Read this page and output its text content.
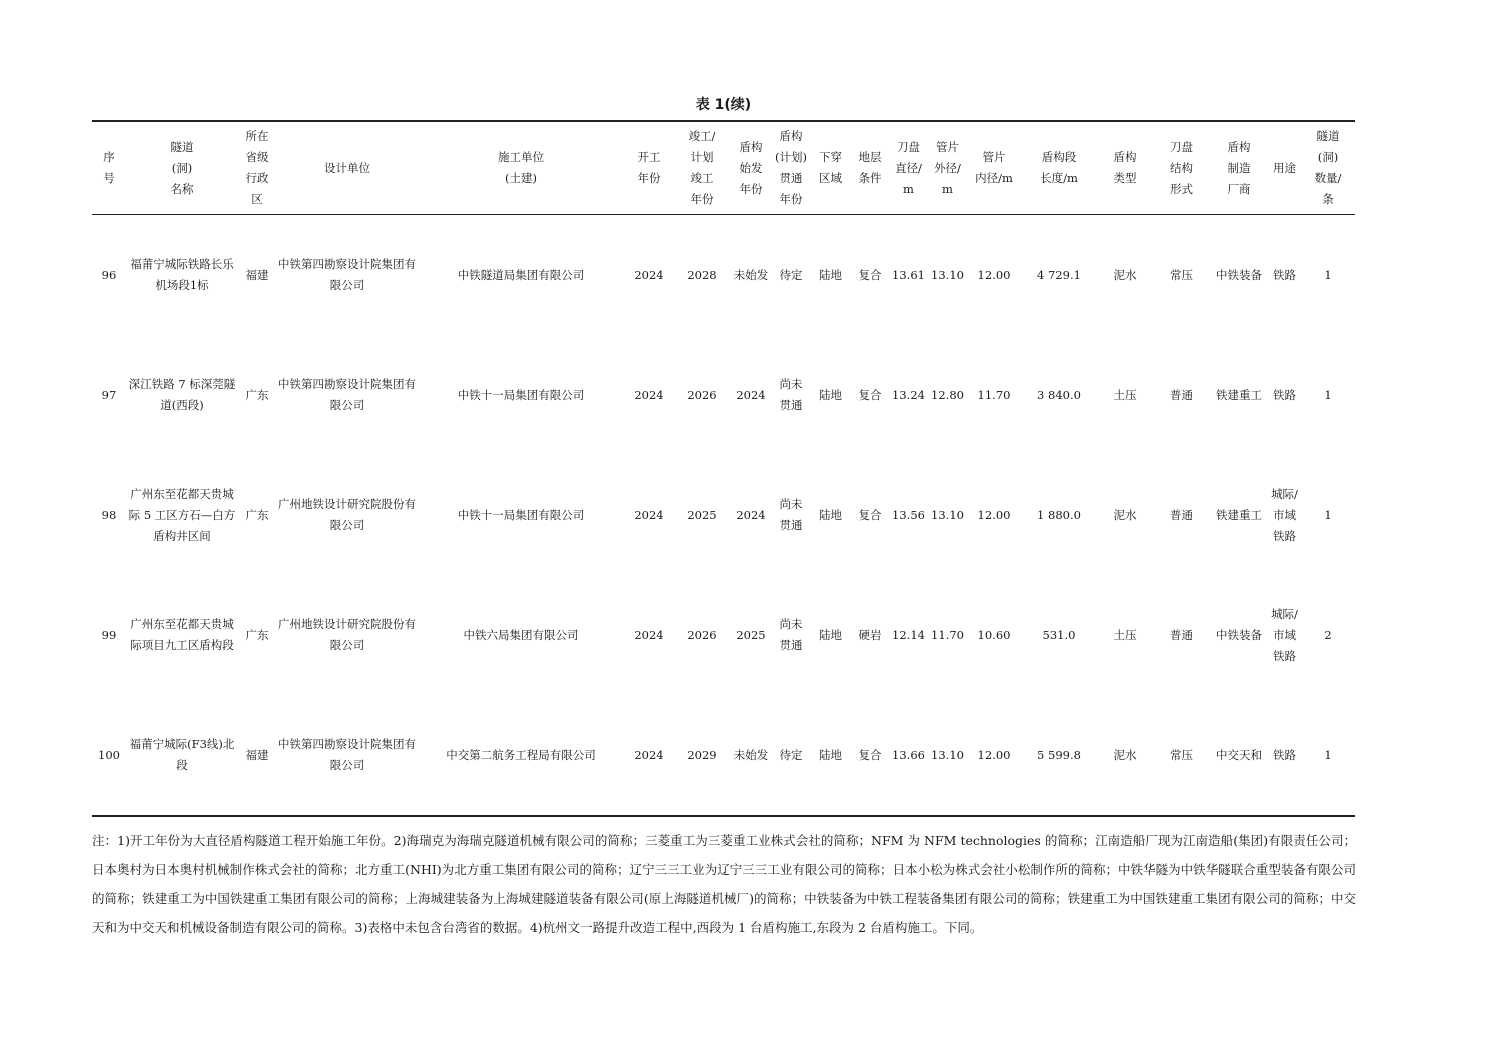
表 1(续)
序
号	隧道
(洞)
名称	所在
省级
行政
区	设计单位	施工单位
(土建)	开工
年份	竣工/
计划
竣工
年份	盾构
始发
年份	盾构
(计划)
贯通
年份	下穿
区域	地层
条件	刀盘
直径/
m	管片
外径/
m	管片
内径/m	盾构段
长度/m	盾构
类型	刀盘
结构
形式	盾构
制造
厂商	用途	隧道
(洞)
数量/
条
96	福莆宁城际铁路长乐机场段1标	福建	中铁第四勘察设计院集团有限公司	中铁隧道局集团有限公司	2024	2028	未始发	待定	陆地	复合	13.61	13.10	12.00	4 729.1	泥水	常压	中铁装备	铁路	1
97	深江铁路 7 标深莞隧道(西段)	广东	中铁第四勘察设计院集团有限公司	中铁十一局集团有限公司	2024	2026	2024	尚未贯通	陆地	复合	13.24	12.80	11.70	3 840.0	土压	普通	铁建重工	铁路	1
98	广州东至花都天贵城际 5 工区方石—白方盾构井区间	广东	广州地铁设计研究院股份有限公司	中铁十一局集团有限公司	2024	2025	2024	尚未贯通	陆地	复合	13.56	13.10	12.00	1 880.0	泥水	普通	铁建重工	城际/市域铁路	1
99	广州东至花都天贵城际项目九工区盾构段	广东	广州地铁设计研究院股份有限公司	中铁六局集团有限公司	2024	2026	2025	尚未贯通	陆地	硬岩	12.14	11.70	10.60	531.0	土压	普通	中铁装备	城际/市域铁路	2
100	福莆宁城际(F3线)北段	福建	中铁第四勘察设计院集团有限公司	中交第二航务工程局有限公司	2024	2029	未始发	待定	陆地	复合	13.66	13.10	12.00	5 599.8	泥水	常压	中交天和	铁路	1
注：1)开工年份为大直径盾构隧道工程开始施工年份。2)海瑞克为海瑞克隧道机械有限公司的简称；三菱重工为三菱重工业株式会社的简称；NFM 为 NFM technologies 的简称；江南造船厂现为江南造船(集团)有限责任公司；日本奥村为日本奥村机械制作株式会社的简称；北方重工(NHI)为北方重工集团有限公司的简称；辽宁三三工业为辽宁三三工业有限公司的简称；日本小松为株式会社小松制作所的简称；中铁华隧为中铁华隧联合重型装备有限公司的简称；铁建重工为中国铁建重工集团有限公司的简称；上海城建装备为上海城建隧道装备有限公司(原上海隧道机械厂)的简称；中铁装备为中铁工程装备集团有限公司的简称；铁建重工为中国铁建重工集团有限公司的简称；中交天和为中交天和机械设备制造有限公司的简称。3)表格中未包含台湾省的数据。4)杭州文一路提升改造工程中,西段为 1 台盾构施工,东段为 2 台盾构施工。下同。
